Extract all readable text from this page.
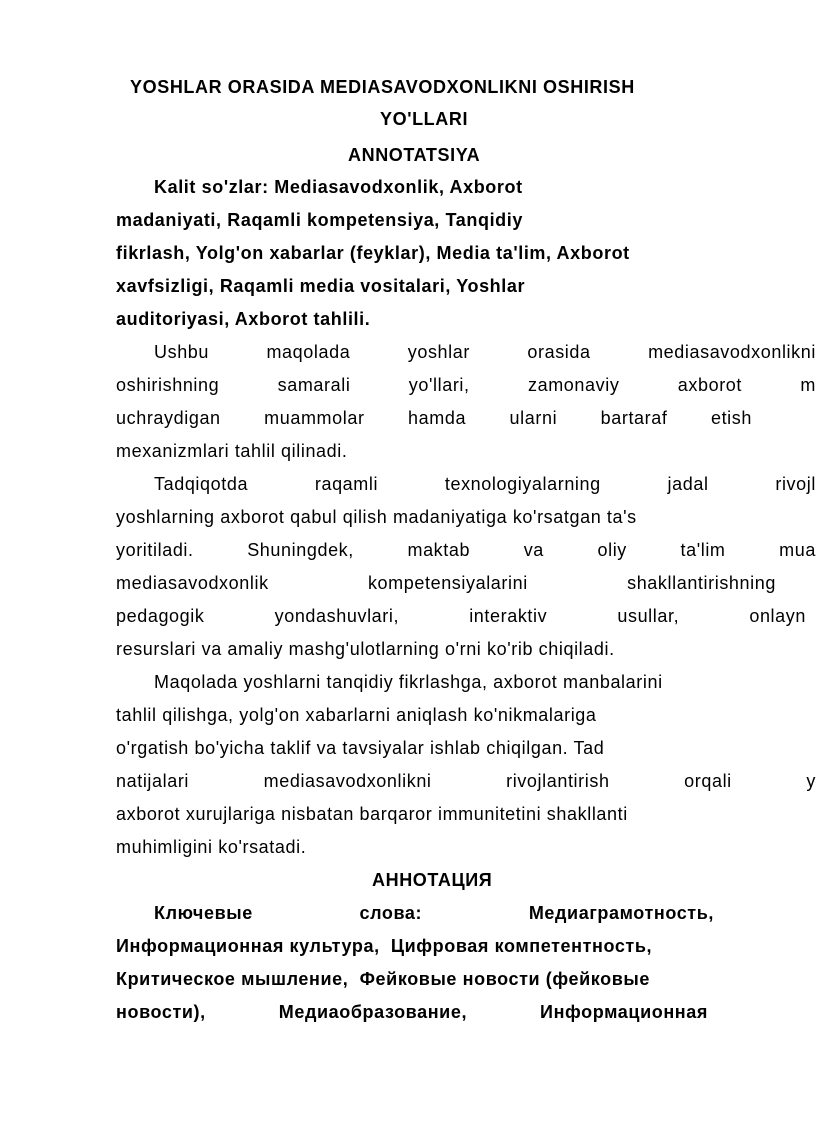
YOSHLAR ORASIDA MEDIASAVODXONLIKNI OSHIRISH
YO'LLARI
ANNOTATSIYA
Kalit so'zlar: Mediasavodxonlik, Axborot
madaniyati, Raqamli kompetensiya, Tanqidiy
fikrlash, Yolg'on xabarlar (feyklar), Media ta'lim, Axborot
xavfsizligi, Raqamli media vositalari, Yoshlar
auditoriyasi, Axborot tahlili.
Ushbu	maqolada	yoshlar	orasida	mediasavodxonlikni
oshirishning	samarali	yo'llari,	zamonaviy	axborot	m
uchraydigan muammolar hamda ularni bartaraf etish
mexanizmlari tahlil qilinadi.
Tadqiqotda	raqamli	texnologiyalarning	jadal	rivojl
yoshlarning axborot qabul qilish madaniyatiga ko'rsatgan ta's
yoritiladi.	Shuningdek,	maktab	va	oliy	ta'lim	mua
mediasavodxonlik	kompetensiyalarini	shakllantirishning
pedagogik	yondashuvlari,	interaktiv	usullar,	onlayn
resurslari va amaliy mashg'ulotlarning o'rni ko'rib chiqiladi.
Maqolada yoshlarni tanqidiy fikrlashga, axborot manbalarini
tahlil qilishga, yolg'on xabarlarni aniqlash ko'nikmalariga
o'rgatish bo'yicha taklif va tavsiyalar ishlab chiqilgan. Tad
natijalari	mediasavodxonlikni	rivojlantirish	orqali	y
axborot xurujlariga nisbatan barqaror immunitetini shakllanti
muhimligini ko'rsatadi.
АННОТАЦИЯ
Ключевые	слова:	Медиаграмотность,
Информационная культура,  Цифровая компетентность,
Критическое мышление,  Фейковые новости (фейковые
новости),	Медиаобразование,	Информационная
